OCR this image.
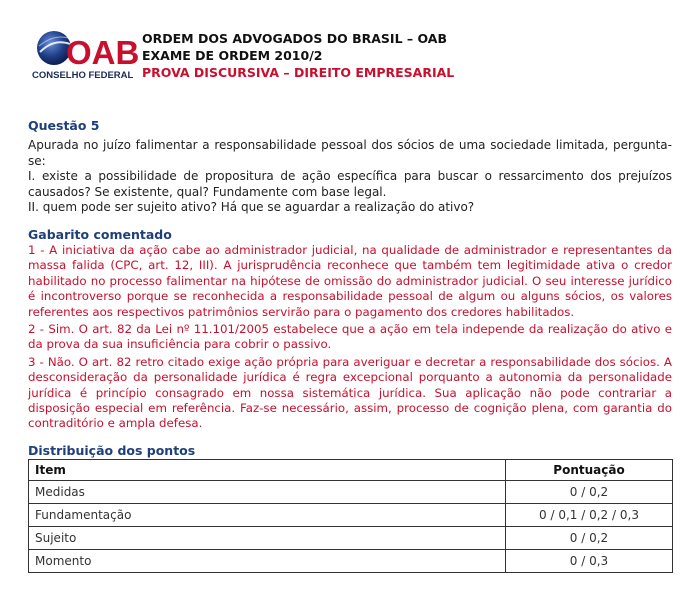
OAB
CONSELHO FEDERAL
ORDEM DOS ADVOGADOS DO BRASIL – OAB
EXAME DE ORDEM 2010/2
PROVA DISCURSIVA – DIREITO EMPRESARIAL
Questão 5

Apurada no juízo falimentar a responsabilidade pessoal dos sócios de uma sociedade limitada, pergunta-se:

I. existe a possibilidade de propositura de ação específica para buscar o ressarcimento dos prejuízos causados? Se existente, qual? Fundamente com base legal.

II. quem pode ser sujeito ativo? Há que se aguardar a realização do ativo?

Gabarito comentado

1 - A iniciativa da ação cabe ao administrador judicial, na qualidade de administrador e representantes da massa falida (CPC, art. 12, III). A jurisprudência reconhece que também tem legitimidade ativa o credor habilitado no processo falimentar na hipótese de omissão do administrador judicial. O seu interesse jurídico é incontroverso porque se reconhecida a responsabilidade pessoal de algum ou alguns sócios, os valores referentes aos respectivos patrimônios servirão para o pagamento dos credores habilitados.

2 - Sim. O art. 82 da Lei nº 11.101/2005 estabelece que a ação em tela independe da realização do ativo e da prova da sua insuficiência para cobrir o passivo.

3 - Não. O art. 82 retro citado exige ação própria para averiguar e decretar a responsabilidade dos sócios. A desconsideração da personalidade jurídica é regra excepcional porquanto a autonomia da personalidade jurídica é princípio consagrado em nossa sistemática jurídica. Sua aplicação não pode contrariar a disposição especial em referência. Faz-se necessário, assim, processo de cognição plena, com garantia do contraditório e ampla defesa.

Distribuição dos pontos
Item	Pontuação
Medidas	0 / 0,2
Fundamentação	0 / 0,1 / 0,2 / 0,3
Sujeito	0 / 0,2
Momento	0 / 0,3
